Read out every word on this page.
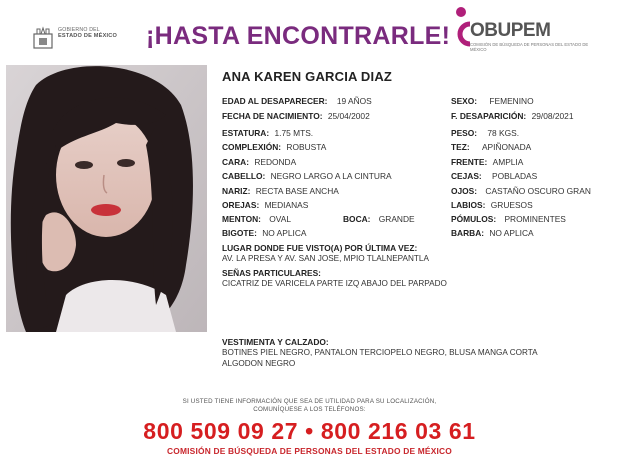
GOBIERNO DEL
ESTADO DE MÉXICO ¡HASTA ENCONTRARLE! OBUPEM
COMISIÓN DE BÚSQUEDA DE PERSONAS DEL ESTADO DE MÉXICO
ANA KAREN GARCIA DIAZ
EDAD AL DESAPARECER: 19 AÑOS
FECHA DE NACIMIENTO: 25/04/2002
ESTATURA: 1.75 MTS.
COMPLEXIÓN: ROBUSTA
CARA: REDONDA
CABELLO: NEGRO LARGO A LA CINTURA
NARIZ: RECTA BASE ANCHA
OREJAS: MEDIANAS
MENTON: OVAL	BOCA: GRANDE
BIGOTE: NO APLICA
SEXO: FEMENINO
F. DESAPARICIÓN: 29/08/2021
PESO: 78 KGS.
TEZ: APIÑONADA
FRENTE: AMPLIA
CEJAS: POBLADAS
OJOS: CASTAÑO OSCURO GRAN
LABIOS: GRUESOS
PÓMULOS: PROMINENTES
BARBA: NO APLICA
LUGAR DONDE FUE VISTO(A) POR ÚLTIMA VEZ:
AV. LA PRESA Y AV. SAN JOSE, MPIO TLALNEPANTLA
SEÑAS PARTICULARES:
CICATRIZ DE VARICELA PARTE IZQ ABAJO DEL PARPADO
VESTIMENTA Y CALZADO:
BOTINES PIEL NEGRO, PANTALON TERCIOPELO NEGRO, BLUSA MANGA CORTA
ALGODON NEGRO
SI USTED TIENE INFORMACIÓN QUE SEA DE UTILIDAD PARA SU LOCALIZACIÓN,
COMUNÍQUESE A LOS TELÉFONOS:
800 509 09 27 • 800 216 03 61
COMISIÓN DE BÚSQUEDA DE PERSONAS DEL ESTADO DE MÉXICO
